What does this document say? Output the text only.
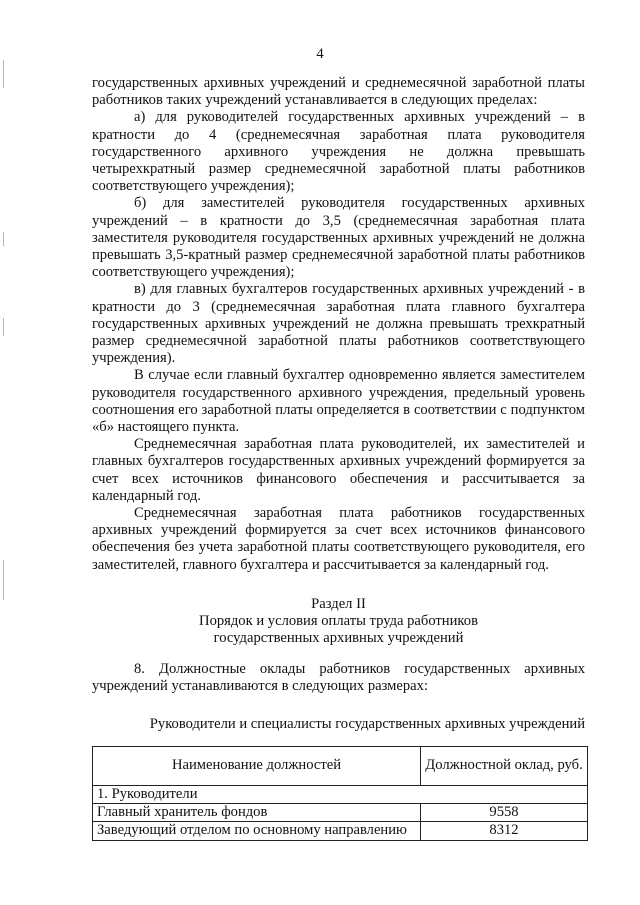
4

государственных архивных учреждений и среднемесячной заработной платы работников таких учреждений устанавливается в следующих пределах:

а) для руководителей государственных архивных учреждений – в кратности до 4 (среднемесячная заработная плата руководителя государственного архивного учреждения не должна превышать четырехкратный размер среднемесячной заработной платы работников соответствующего учреждения);

б) для заместителей руководителя государственных архивных учреждений – в кратности до 3,5 (среднемесячная заработная плата заместителя руководителя государственных архивных учреждений не должна превышать 3,5-кратный размер среднемесячной заработной платы работников соответствующего учреждения);

в) для главных бухгалтеров государственных архивных учреждений - в кратности до 3 (среднемесячная заработная плата главного бухгалтера государственных архивных учреждений не должна превышать трехкратный размер среднемесячной заработной платы работников соответствующего учреждения).

В случае если главный бухгалтер одновременно является заместителем руководителя государственного архивного учреждения, предельный уровень соотношения его заработной платы определяется в соответствии с подпунктом «б» настоящего пункта.

Среднемесячная заработная плата руководителей, их заместителей и главных бухгалтеров государственных архивных учреждений формируется за счет всех источников финансового обеспечения и рассчитывается за календарный год.

Среднемесячная заработная плата работников государственных архивных учреждений формируется за счет всех источников финансового обеспечения без учета заработной платы соответствующего руководителя, его заместителей, главного бухгалтера и рассчитывается за календарный год.

Раздел II
Порядок и условия оплаты труда работников
государственных архивных учреждений

8. Должностные оклады работников государственных архивных учреждений устанавливаются в следующих размерах:

Руководители и специалисты государственных архивных учреждений
Наименование должностей	Должностной оклад, руб.
1. Руководители	
Главный хранитель фондов	9558
Заведующий отделом по основному направлению	8312
